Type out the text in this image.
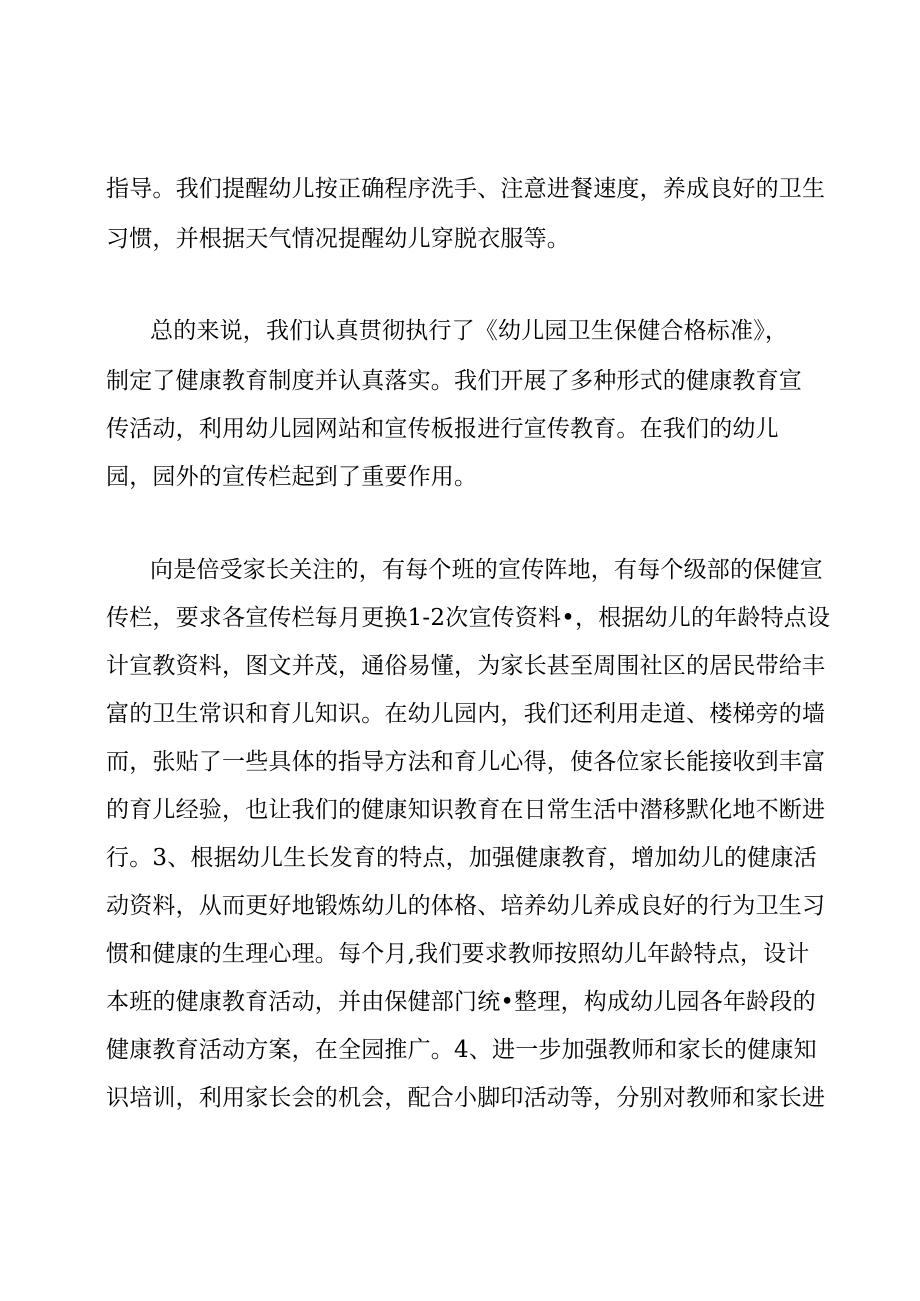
指导。我们提醒幼儿按正确程序洗手、注意进餐速度，养成良好的卫生
习惯，并根据天气情况提醒幼儿穿脱衣服等。
总的来说，我们认真贯彻执行了《幼儿园卫生保健合格标准》，
制定了健康教育制度并认真落实。我们开展了多种形式的健康教育宣
传活动，利用幼儿园网站和宣传板报进行宣传教育。在我们的幼儿
园，园外的宣传栏起到了重要作用。
向是倍受家长关注的，有每个班的宣传阵地，有每个级部的保健宣
传栏，要求各宣传栏每月更换1-2次宣传资料•，根据幼儿的年龄特点设
计宣教资料，图文并茂，通俗易懂，为家长甚至周围社区的居民带给丰
富的卫生常识和育儿知识。在幼儿园内，我们还利用走道、楼梯旁的墙
而，张贴了一些具体的指导方法和育儿心得，使各位家长能接收到丰富
的育儿经验，也让我们的健康知识教育在日常生活中潜移默化地不断进
行。3、根据幼儿生长发育的特点，加强健康教育，增加幼儿的健康活
动资料，从而更好地锻炼幼儿的体格、培养幼儿养成良好的行为卫生习
惯和健康的生理心理。每个月,我们要求教师按照幼儿年龄特点，设计
本班的健康教育活动，并由保健部门统•整理，构成幼儿园各年龄段的
健康教育活动方案，在全园推广。4、进一步加强教师和家长的健康知
识培训，利用家长会的机会，配合小脚印活动等，分别对教师和家长进
